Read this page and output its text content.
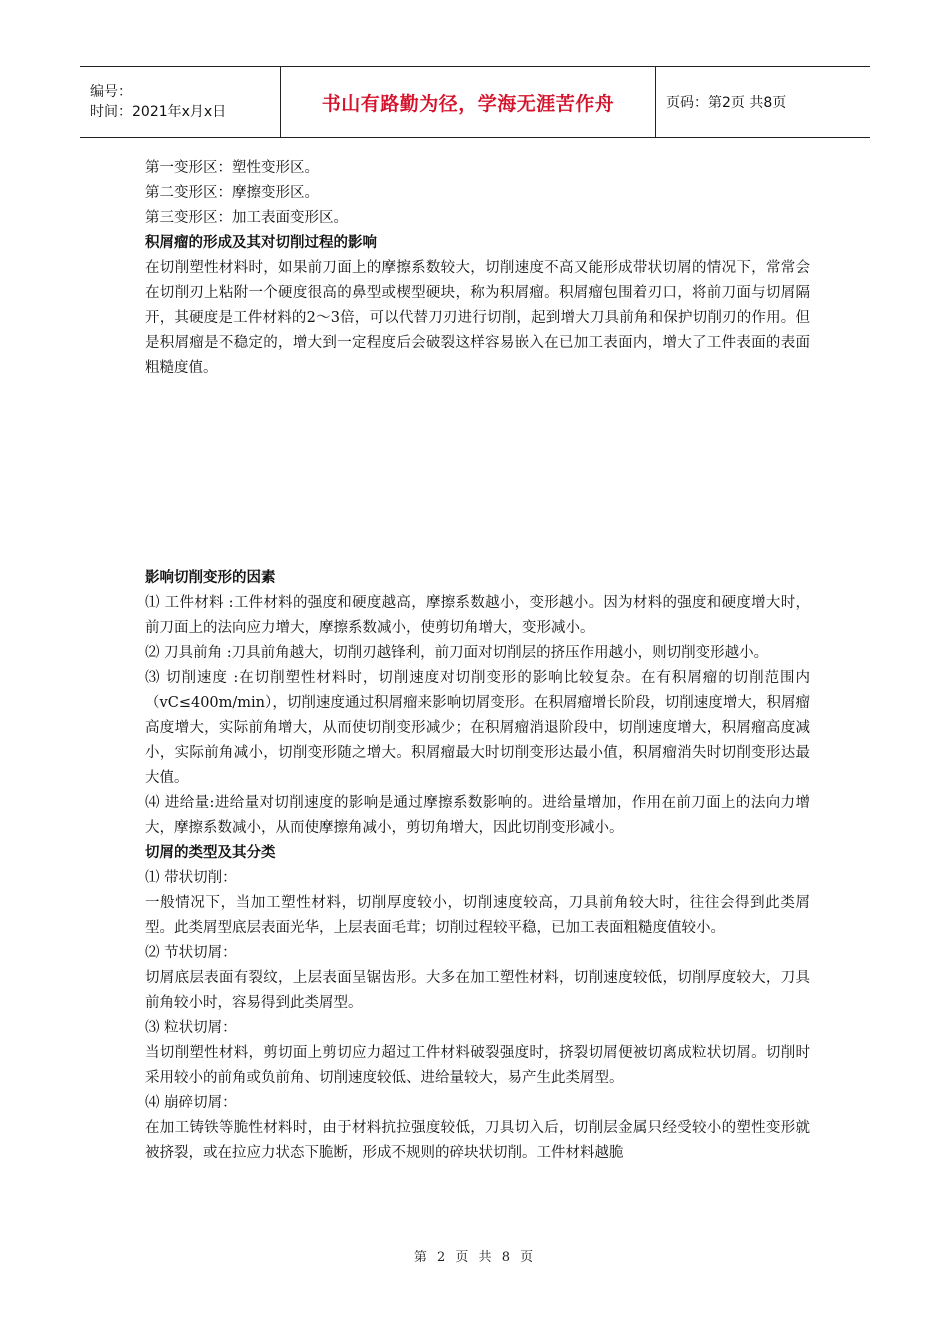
编号：
时间：2021年x月x日	书山有路勤为径，学海无涯苦作舟	页码：第2页 共8页

第一变形区：塑性变形区。

第二变形区：摩擦变形区。

第三变形区：加工表面变形区。

积屑瘤的形成及其对切削过程的影响

在切削塑性材料时，如果前刀面上的摩擦系数较大，切削速度不高又能形成带状切屑的情况下，常常会在切削刃上粘附一个硬度很高的鼻型或楔型硬块，称为积屑瘤。积屑瘤包围着刃口，将前刀面与切屑隔开，其硬度是工件材料的2～3倍，可以代替刀刃进行切削，起到增大刀具前角和保护切削刃的作用。但是积屑瘤是不稳定的，增大到一定程度后会破裂这样容易嵌入在已加工表面内，增大了工件表面的表面粗糙度值。

影响切削变形的因素

⑴ 工件材料 :工件材料的强度和硬度越高，摩擦系数越小，变形越小。因为材料的强度和硬度增大时，前刀面上的法向应力增大，摩擦系数减小，使剪切角增大，变形减小。

⑵ 刀具前角 :刀具前角越大，切削刃越锋利，前刀面对切削层的挤压作用越小，则切削变形越小。

⑶ 切削速度 :在切削塑性材料时，切削速度对切削变形的影响比较复杂。在有积屑瘤的切削范围内（vC≤400m/min），切削速度通过积屑瘤来影响切屑变形。在积屑瘤增长阶段，切削速度增大，积屑瘤高度增大，实际前角增大，从而使切削变形减少；在积屑瘤消退阶段中，切削速度增大，积屑瘤高度减小，实际前角减小，切削变形随之增大。积屑瘤最大时切削变形达最小值，积屑瘤消失时切削变形达最大值。

⑷ 进给量:进给量对切削速度的影响是通过摩擦系数影响的。进给量增加，作用在前刀面上的法向力增大，摩擦系数减小，从而使摩擦角减小，剪切角增大，因此切削变形减小。

切屑的类型及其分类

⑴ 带状切削：

一般情况下，当加工塑性材料，切削厚度较小，切削速度较高，刀具前角较大时，往往会得到此类屑型。此类屑型底层表面光华，上层表面毛茸；切削过程较平稳，已加工表面粗糙度值较小。

⑵ 节状切屑：

切屑底层表面有裂纹，上层表面呈锯齿形。大多在加工塑性材料，切削速度较低，切削厚度较大，刀具前角较小时，容易得到此类屑型。

⑶ 粒状切屑：

当切削塑性材料，剪切面上剪切应力超过工件材料破裂强度时，挤裂切屑便被切离成粒状切屑。切削时采用较小的前角或负前角、切削速度较低、进给量较大，易产生此类屑型。

⑷ 崩碎切屑：

在加工铸铁等脆性材料时，由于材料抗拉强度较低，刀具切入后，切削层金属只经受较小的塑性变形就被挤裂，或在拉应力状态下脆断，形成不规则的碎块状切削。工件材料越脆

第 2 页 共 8 页
